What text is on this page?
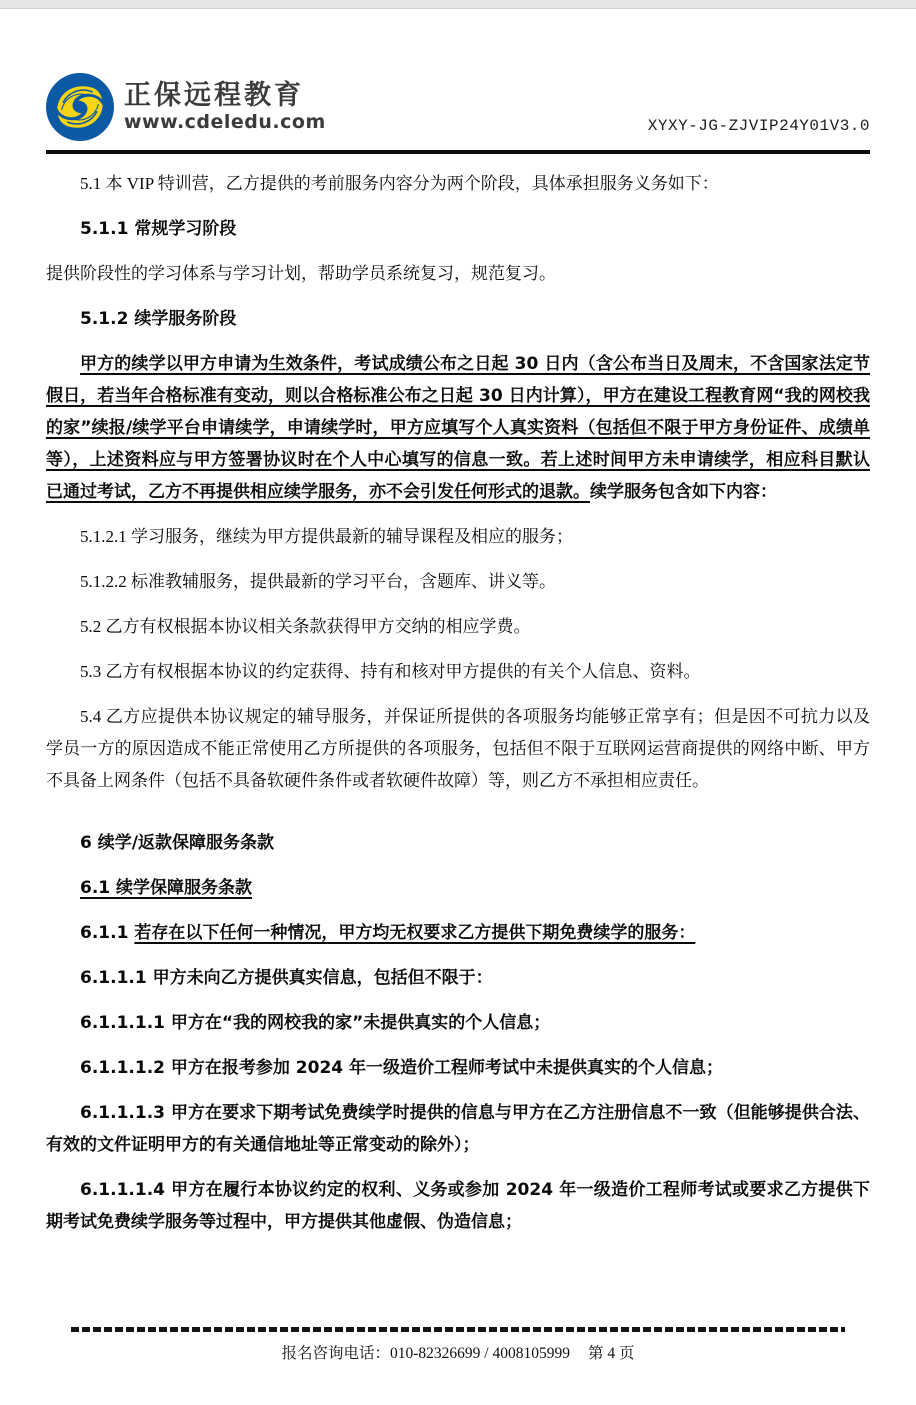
正保远程教育
www.cdeledu.com	XYXY-JG-ZJVIP24Y01V3.0

5.1 本 VIP 特训营，乙方提供的考前服务内容分为两个阶段，具体承担服务义务如下：

5.1.1 常规学习阶段

提供阶段性的学习体系与学习计划，帮助学员系统复习，规范复习。

5.1.2 续学服务阶段

甲方的续学以甲方申请为生效条件，考试成绩公布之日起 30 日内（含公布当日及周末，不含国家法定节假日，若当年合格标准有变动，则以合格标准公布之日起 30 日内计算），甲方在建设工程教育网“我的网校我的家”续报/续学平台申请续学，申请续学时，甲方应填写个人真实资料（包括但不限于甲方身份证件、成绩单等），上述资料应与甲方签署协议时在个人中心填写的信息一致。若上述时间甲方未申请续学，相应科目默认已通过考试，乙方不再提供相应续学服务，亦不会引发任何形式的退款。续学服务包含如下内容：

5.1.2.1 学习服务，继续为甲方提供最新的辅导课程及相应的服务；

5.1.2.2 标准教辅服务，提供最新的学习平台，含题库、讲义等。

5.2 乙方有权根据本协议相关条款获得甲方交纳的相应学费。

5.3 乙方有权根据本协议的约定获得、持有和核对甲方提供的有关个人信息、资料。

5.4 乙方应提供本协议规定的辅导服务，并保证所提供的各项服务均能够正常享有；但是因不可抗力以及学员一方的原因造成不能正常使用乙方所提供的各项服务，包括但不限于互联网运营商提供的网络中断、甲方不具备上网条件（包括不具备软硬件条件或者软硬件故障）等，则乙方不承担相应责任。

6 续学/返款保障服务条款

6.1 续学保障服务条款

6.1.1 若存在以下任何一种情况，甲方均无权要求乙方提供下期免费续学的服务：

6.1.1.1 甲方未向乙方提供真实信息，包括但不限于：

6.1.1.1.1 甲方在“我的网校我的家”未提供真实的个人信息；

6.1.1.1.2 甲方在报考参加 2024 年一级造价工程师考试中未提供真实的个人信息；

6.1.1.1.3 甲方在要求下期考试免费续学时提供的信息与甲方在乙方注册信息不一致（但能够提供合法、有效的文件证明甲方的有关通信地址等正常变动的除外）；

6.1.1.1.4 甲方在履行本协议约定的权利、义务或参加 2024 年一级造价工程师考试或要求乙方提供下期考试免费续学服务等过程中，甲方提供其他虚假、伪造信息；

报名咨询电话：010-82326699 / 4008105999 第 4 页
